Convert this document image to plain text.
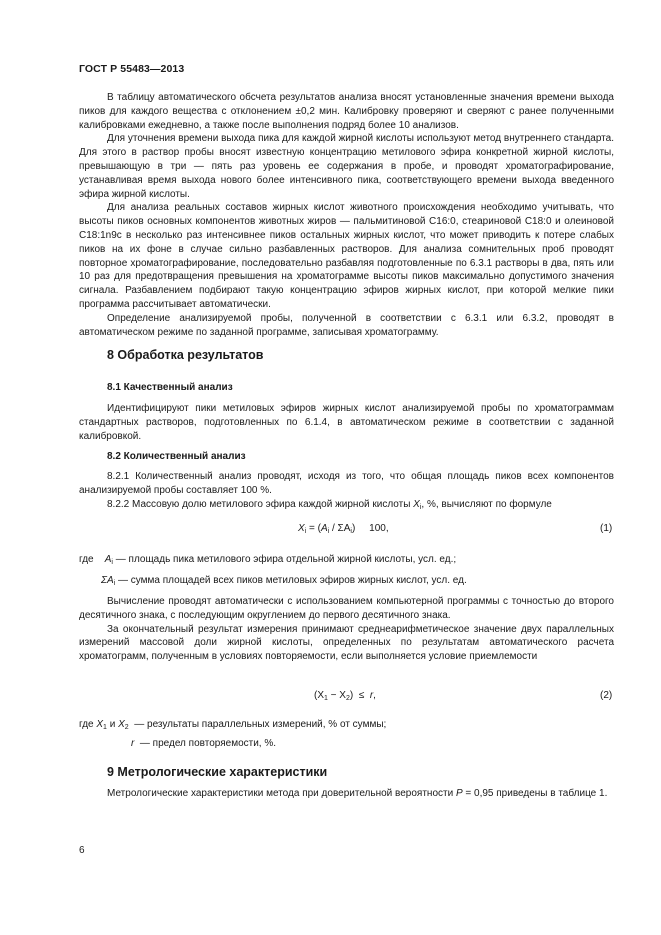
ГОСТ Р 55483—2013

В таблицу автоматического обсчета результатов анализа вносят установленные значения времени выхода пиков для каждого вещества с отклонением ±0,2 мин. Калибровку проверяют и сверяют с ранее полученными калибровками ежедневно, а также после выполнения подряд более 10 анализов.

Для уточнения времени выхода пика для каждой жирной кислоты используют метод внутреннего стандарта. Для этого в раствор пробы вносят известную концентрацию метилового эфира конкретной жирной кислоты, превышающую в три — пять раз уровень ее содержания в пробе, и проводят хроматографирование, устанавливая время выхода нового более интенсивного пика, соответствующего времени выхода введенного эфира жирной кислоты.

Для анализа реальных составов жирных кислот животного происхождения необходимо учитывать, что высоты пиков основных компонентов животных жиров — пальмитиновой С16:0, стеариновой С18:0 и олеиновой С18:1n9c в несколько раз интенсивнее пиков остальных жирных кислот, что может приводить к потере слабых пиков на их фоне в случае сильно разбавленных растворов. Для анализа сомнительных проб проводят повторное хроматографирование, последовательно разбавляя подготовленные по 6.3.1 растворы в два, пять или 10 раз для предотвращения превышения на хроматограмме высоты пиков максимально допустимого значения сигнала. Разбавлением подбирают такую концентрацию эфиров жирных кислот, при которой мелкие пики программа рассчитывает автоматически.

Определение анализируемой пробы, полученной в соответствии с 6.3.1 или 6.3.2, проводят в автоматическом режиме по заданной программе, записывая хроматограмму.

8 Обработка результатов
8.1 Качественный анализ

Идентифицируют пики метиловых эфиров жирных кислот анализируемой пробы по хроматограммам стандартных растворов, подготовленных по 6.1.4, в автоматическом режиме в соответствии с заданной калибровкой.

8.2 Количественный анализ

8.2.1 Количественный анализ проводят, исходя из того, что общая площадь пиков всех компонентов анализируемой пробы составляет 100 %.

8.2.2 Массовую долю метилового эфира каждой жирной кислоты $X_i$, %, вычисляют по формуле

$X_i = (A_i / \Sigma A_i)$     100,	(1)
где $A_i$ — площадь пика метилового эфира отдельной жирной кислоты, усл. ед.;
$\Sigma A_i$ — сумма площадей всех пиков метиловых эфиров жирных кислот, усл. ед.

Вычисление проводят автоматически с использованием компьютерной программы с точностью до второго десятичного знака, с последующим округлением до первого десятичного знака.

За окончательный результат измерения принимают среднеарифметическое значение двух параллельных измерений массовой доли жирной кислоты, определенных по результатам автоматического расчета хроматограмм, полученным в условиях повторяемости, если выполняется условие приемлемости

$(X_1 - X_2) \le r$,	(2)
где $X_1$ и $X_2$  — результаты параллельных измерений, % от суммы;
r  — предел повторяемости, %.
9 Метрологические характеристики

Метрологические характеристики метода при доверительной вероятности P = 0,95 приведены в таблице 1.

6
